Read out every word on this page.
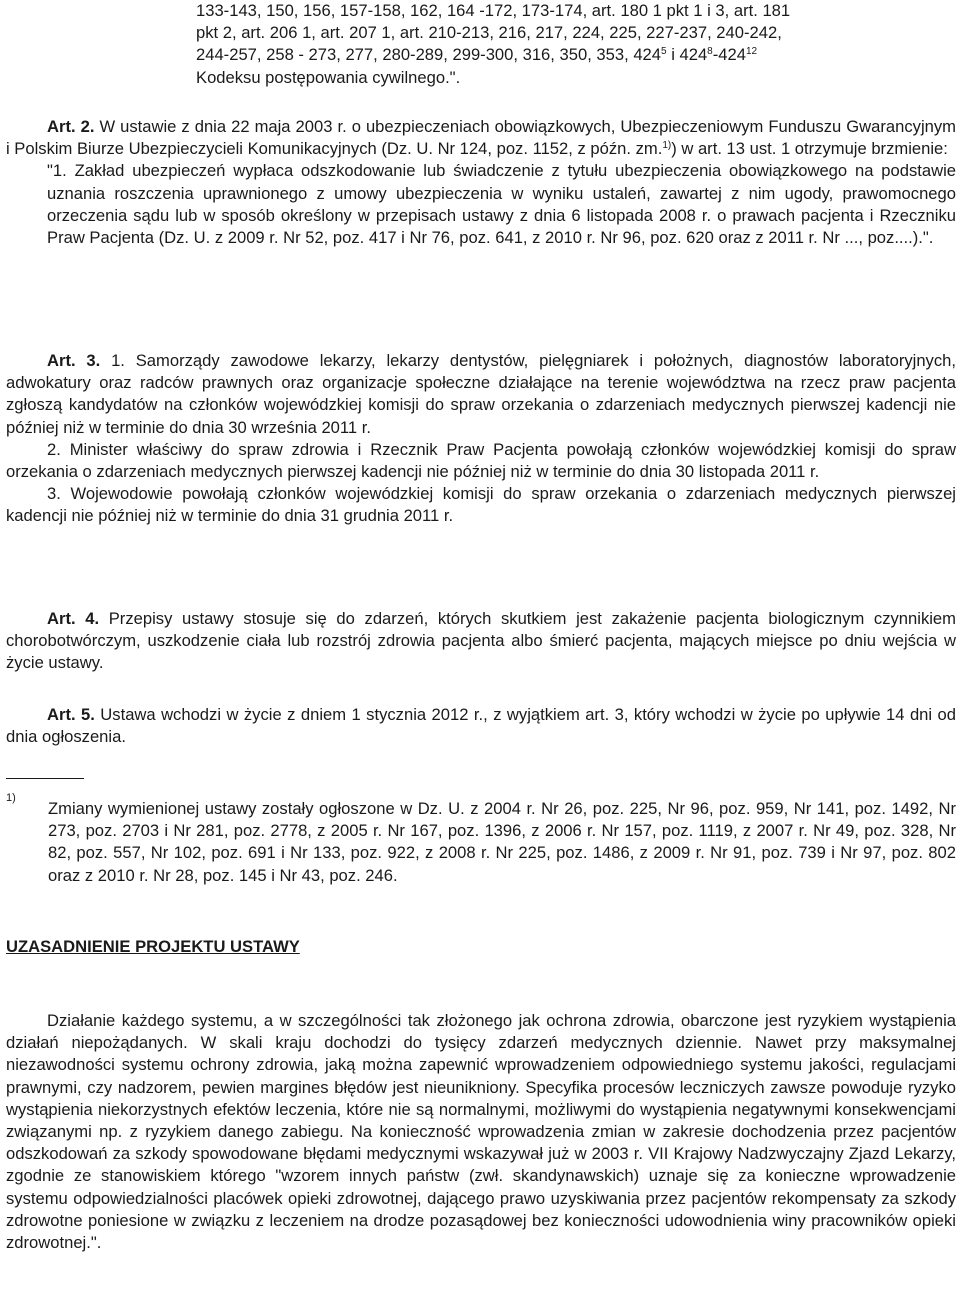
133-143, 150, 156, 157-158, 162, 164 -172, 173-174, art. 180 1 pkt 1 i 3, art. 181

pkt 2, art. 206 1, art. 207 1, art. 210-213, 216, 217, 224, 225, 227-237, 240-242,

244-257, 258 - 273, 277, 280-289, 299-300, 316, 350, 353, $424^5$ i $424^8-424^{12}$

Kodeksu postępowania cywilnego.".

Art. 2. W ustawie z dnia 22 maja 2003 r. o ubezpieczeniach obowiązkowych, Ubezpieczeniowym Funduszu Gwarancyjnym i Polskim Biurze Ubezpieczycieli Komunikacyjnych (Dz. U. Nr 124, poz. 1152, z późn. zm.$^{1)}$) w art. 13 ust. 1 otrzymuje brzmienie:

"1. Zakład ubezpieczeń wypłaca odszkodowanie lub świadczenie z tytułu ubezpieczenia obowiązkowego na podstawie uznania roszczenia uprawnionego z umowy ubezpieczenia w wyniku ustaleń, zawartej z nim ugody, prawomocnego orzeczenia sądu lub w sposób określony w przepisach ustawy z dnia 6 listopada 2008 r. o prawach pacjenta i Rzeczniku Praw Pacjenta (Dz. U. z 2009 r. Nr 52, poz. 417 i Nr 76, poz. 641, z 2010 r. Nr 96, poz. 620 oraz z 2011 r. Nr ..., poz....).".

Art. 3. 1. Samorządy zawodowe lekarzy, lekarzy dentystów, pielęgniarek i położnych, diagnostów laboratoryjnych, adwokatury oraz radców prawnych oraz organizacje społeczne działające na terenie województwa na rzecz praw pacjenta zgłoszą kandydatów na członków wojewódzkiej komisji do spraw orzekania o zdarzeniach medycznych pierwszej kadencji nie później niż w terminie do dnia 30 września 2011 r.

2. Minister właściwy do spraw zdrowia i Rzecznik Praw Pacjenta powołają członków wojewódzkiej komisji do spraw orzekania o zdarzeniach medycznych pierwszej kadencji nie później niż w terminie do dnia 30 listopada 2011 r.

3. Wojewodowie powołają członków wojewódzkiej komisji do spraw orzekania o zdarzeniach medycznych pierwszej kadencji nie później niż w terminie do dnia 31 grudnia 2011 r.

Art. 4. Przepisy ustawy stosuje się do zdarzeń, których skutkiem jest zakażenie pacjenta biologicznym czynnikiem chorobotwórczym, uszkodzenie ciała lub rozstrój zdrowia pacjenta albo śmierć pacjenta, mających miejsce po dniu wejścia w życie ustawy.

Art. 5. Ustawa wchodzi w życie z dniem 1 stycznia 2012 r., z wyjątkiem art. 3, który wchodzi w życie po upływie 14 dni od dnia ogłoszenia.

1)

Zmiany wymienionej ustawy zostały ogłoszone w Dz. U. z 2004 r. Nr 26, poz. 225, Nr 96, poz. 959, Nr 141, poz. 1492, Nr 273, poz. 2703 i Nr 281, poz. 2778, z 2005 r. Nr 167, poz. 1396, z 2006 r. Nr 157, poz. 1119, z 2007 r. Nr 49, poz. 328, Nr 82, poz. 557, Nr 102, poz. 691 i Nr 133, poz. 922, z 2008 r. Nr 225, poz. 1486, z 2009 r. Nr 91, poz. 739 i Nr 97, poz. 802 oraz z 2010 r. Nr 28, poz. 145 i Nr 43, poz. 246.

UZASADNIENIE PROJEKTU USTAWY

Działanie każdego systemu, a w szczególności tak złożonego jak ochrona zdrowia, obarczone jest ryzykiem wystąpienia działań niepożądanych. W skali kraju dochodzi do tysięcy zdarzeń medycznych dziennie. Nawet przy maksymalnej niezawodności systemu ochrony zdrowia, jaką można zapewnić wprowadzeniem odpowiedniego systemu jakości, regulacjami prawnymi, czy nadzorem, pewien margines błędów jest nieunikniony. Specyfika procesów leczniczych zawsze powoduje ryzyko wystąpienia niekorzystnych efektów leczenia, które nie są normalnymi, możliwymi do wystąpienia negatywnymi konsekwencjami związanymi np. z ryzykiem danego zabiegu. Na konieczność wprowadzenia zmian w zakresie dochodzenia przez pacjentów odszkodowań za szkody spowodowane błędami medycznymi wskazywał już w 2003 r. VII Krajowy Nadzwyczajny Zjazd Lekarzy, zgodnie ze stanowiskiem którego "wzorem innych państw (zwł. skandynawskich) uznaje się za konieczne wprowadzenie systemu odpowiedzialności placówek opieki zdrowotnej, dającego prawo uzyskiwania przez pacjentów rekompensaty za szkody zdrowotne poniesione w związku z leczeniem na drodze pozasądowej bez konieczności udowodnienia winy pracowników opieki zdrowotnej.".
